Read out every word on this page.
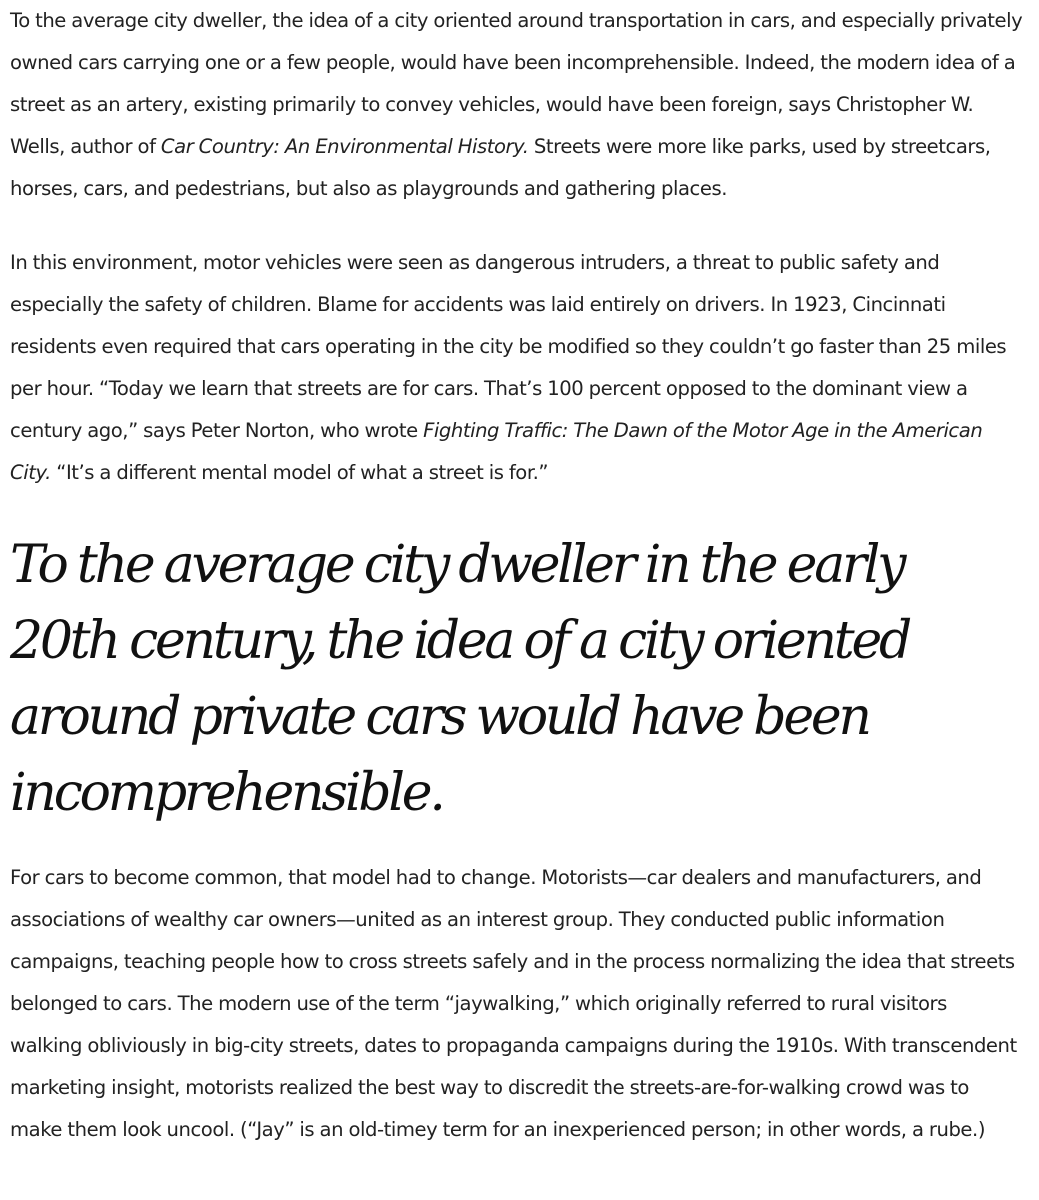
To the average city dweller, the idea of a city oriented around transportation in cars, and especially privately owned cars carrying one or a few people, would have been incomprehensible. Indeed, the modern idea of a street as an artery, existing primarily to convey vehicles, would have been foreign, says Christopher W. Wells, author of Car Country: An Environmental History. Streets were more like parks, used by streetcars, horses, cars, and pedestrians, but also as playgrounds and gathering places.

In this environment, motor vehicles were seen as dangerous intruders, a threat to public safety and especially the safety of children. Blame for accidents was laid entirely on drivers. In 1923, Cincinnati residents even required that cars operating in the city be modified so they couldn’t go faster than 25 miles per hour. “Today we learn that streets are for cars. That’s 100 percent opposed to the dominant view a century ago,” says Peter Norton, who wrote Fighting Traffic: The Dawn of the Motor Age in the American City. “It’s a different mental model of what a street is for.”

To the average city dweller in the early 20th century, the idea of a city oriented around private cars would have been incomprehensible.

For cars to become common, that model had to change. Motorists—car dealers and manufacturers, and associations of wealthy car owners—united as an interest group. They conducted public information campaigns, teaching people how to cross streets safely and in the process normalizing the idea that streets belonged to cars. The modern use of the term “jaywalking,” which originally referred to rural visitors walking obliviously in big-city streets, dates to propaganda campaigns during the 1910s. With transcendent marketing insight, motorists realized the best way to discredit the streets-are-for-walking crowd was to make them look uncool. (“Jay” is an old-timey term for an inexperienced person; in other words, a rube.)
